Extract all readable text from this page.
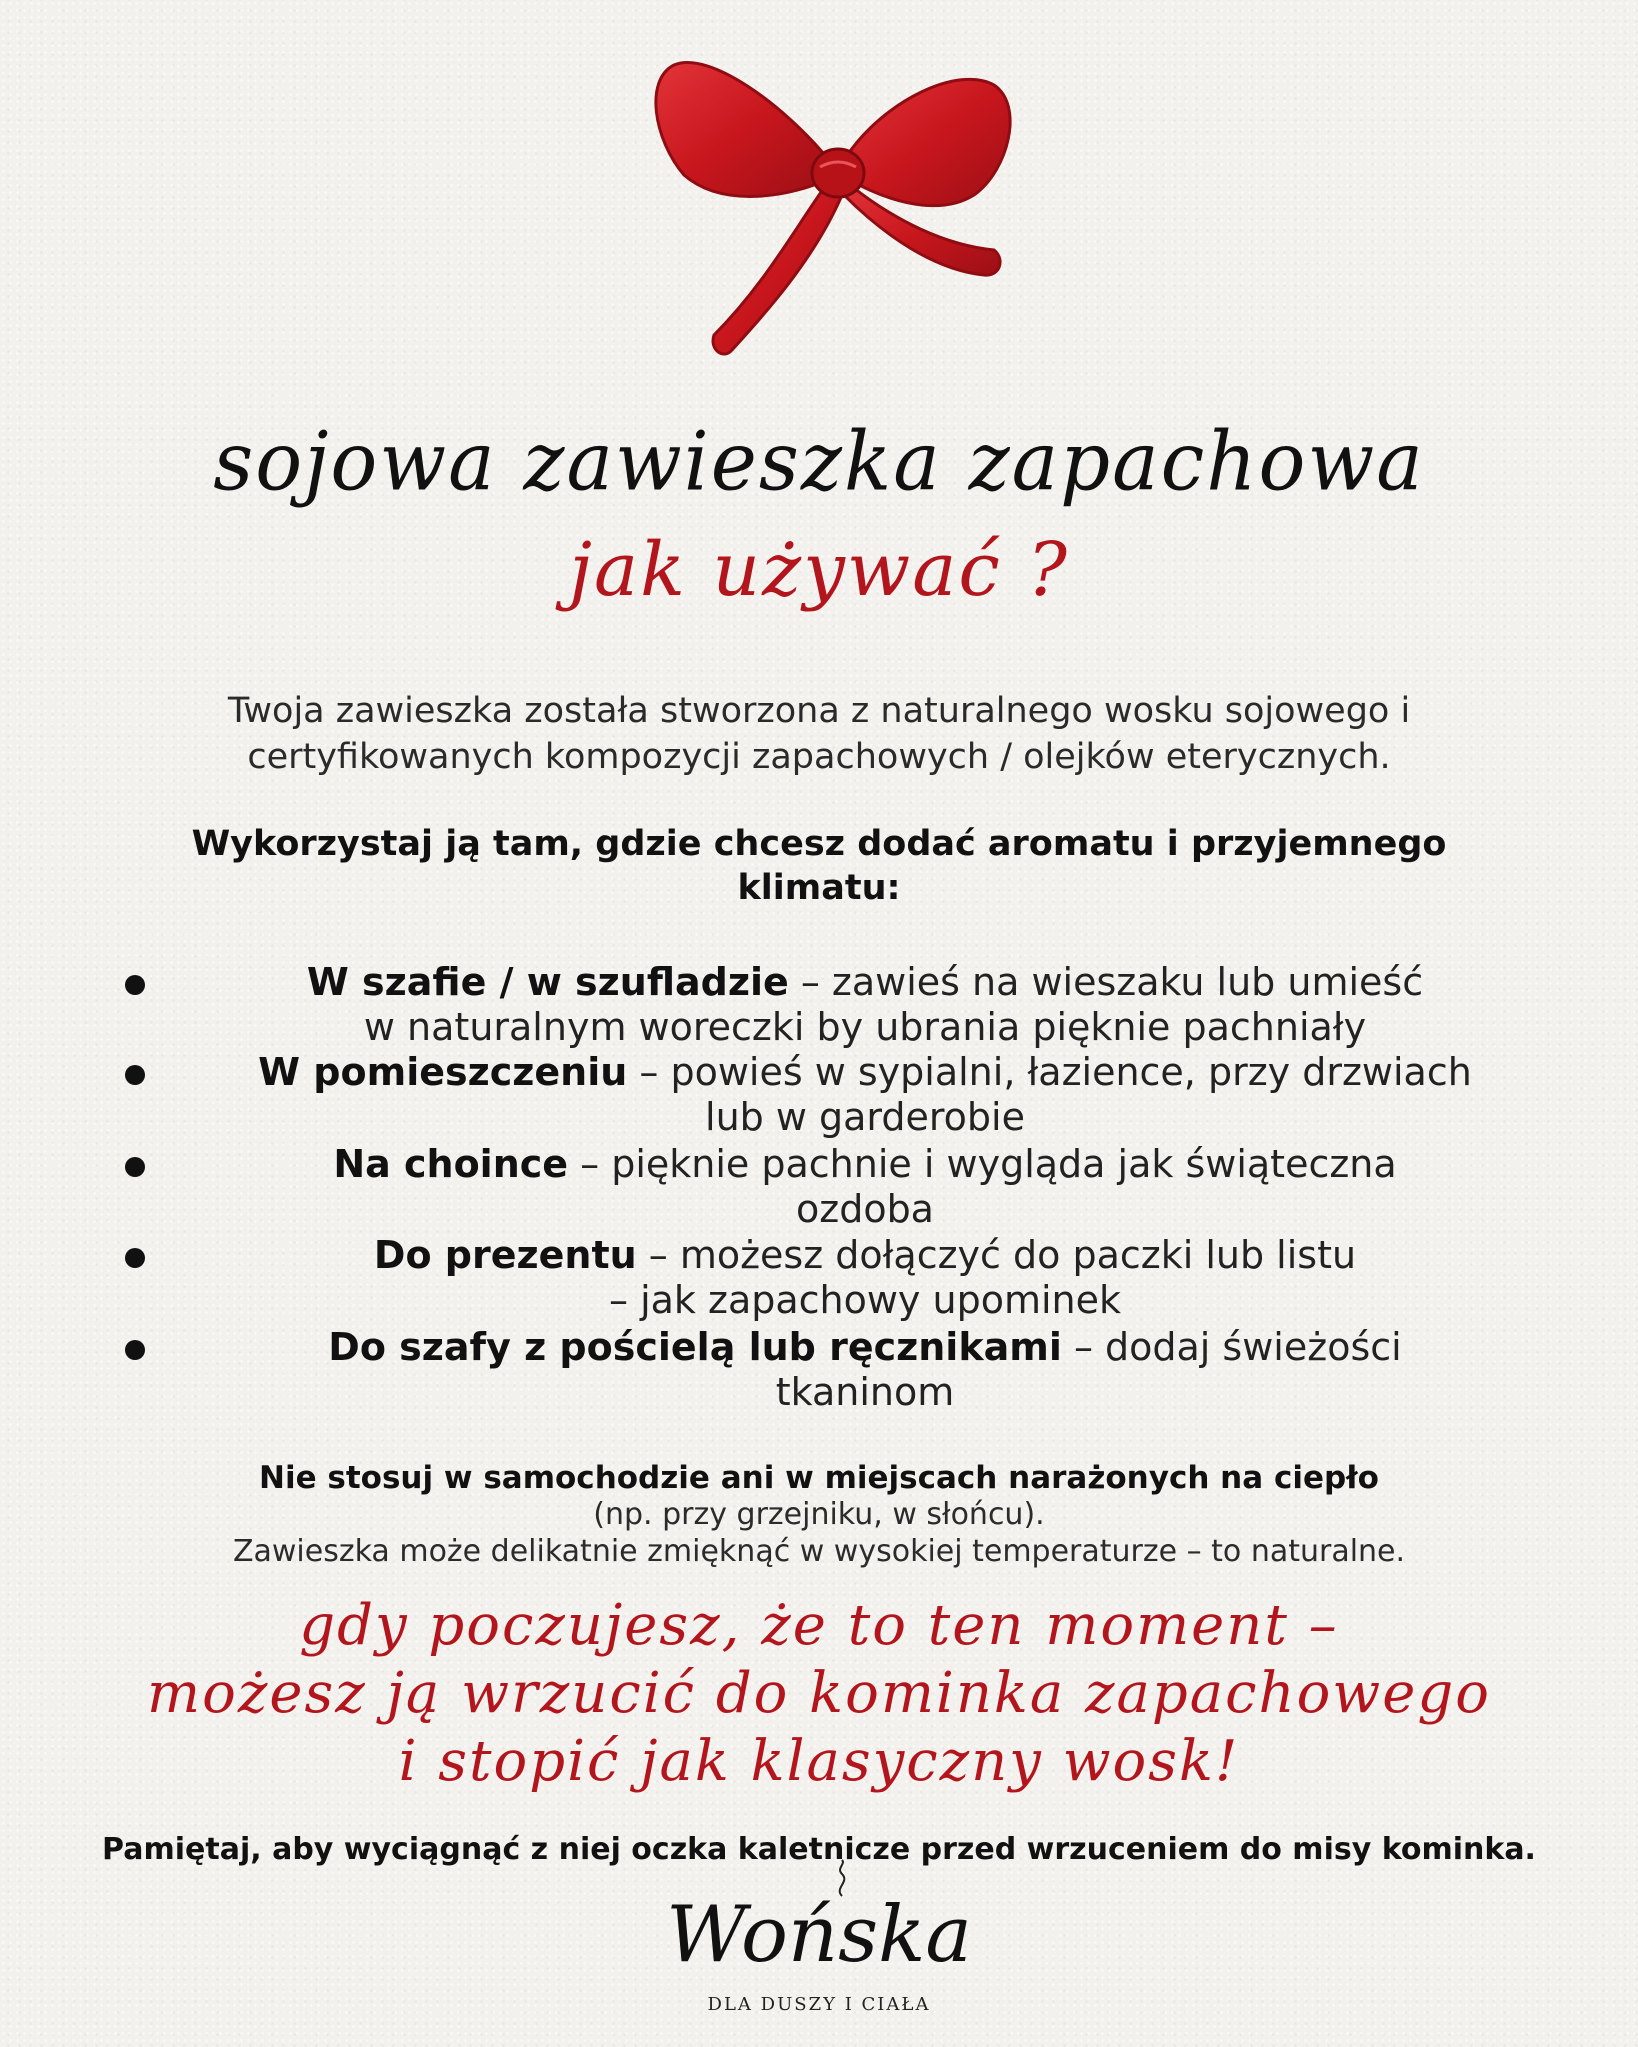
sojowa zawieszka zapachowa
jak używać ?
Twoja zawieszka została stworzona z naturalnego wosku sojowego i
certyfikowanych kompozycji zapachowych / olejków eterycznych.
Wykorzystaj ją tam, gdzie chcesz dodać aromatu i przyjemnego
klimatu:
W szafie / w szufladzie – zawieś na wieszaku lub umieść
w naturalnym woreczki by ubrania pięknie pachniały
W pomieszczeniu – powieś w sypialni, łazience, przy drzwiach
lub w garderobie
Na choince – pięknie pachnie i wygląda jak świąteczna
ozdoba
Do prezentu – możesz dołączyć do paczki lub listu
– jak zapachowy upominek
Do szafy z pościelą lub ręcznikami – dodaj świeżości
tkaninom
Nie stosuj w samochodzie ani w miejscach narażonych na ciepło
(np. przy grzejniku, w słońcu).
Zawieszka może delikatnie zmięknąć w wysokiej temperaturze – to naturalne.
gdy poczujesz, że to ten moment –
możesz ją wrzucić do kominka zapachowego
i stopić jak klasyczny wosk!
Pamiętaj, aby wyciągnąć z niej oczka kaletnicze przed wrzuceniem do misy kominka.
Wońska
DLA DUSZY I CIAŁA
